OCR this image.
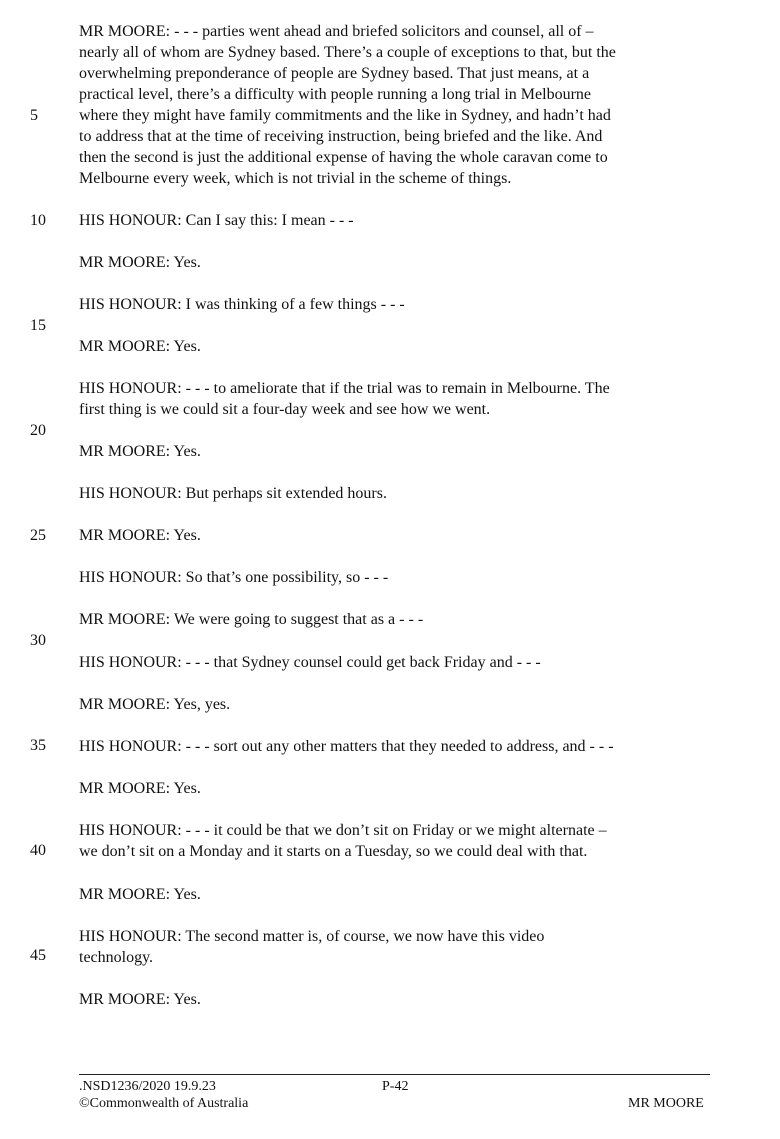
5
10
15
20
25
30
35
40
45
MR MOORE: - - - parties went ahead and briefed solicitors and counsel, all of –
nearly all of whom are Sydney based. There’s a couple of exceptions to that, but the
overwhelming preponderance of people are Sydney based. That just means, at a
practical level, there’s a difficulty with people running a long trial in Melbourne
where they might have family commitments and the like in Sydney, and hadn’t had
to address that at the time of receiving instruction, being briefed and the like. And
then the second is just the additional expense of having the whole caravan come to
Melbourne every week, which is not trivial in the scheme of things.
HIS HONOUR: Can I say this: I mean - - -
MR MOORE: Yes.
HIS HONOUR: I was thinking of a few things - - -
MR MOORE: Yes.
HIS HONOUR: - - - to ameliorate that if the trial was to remain in Melbourne. The
first thing is we could sit a four-day week and see how we went.
MR MOORE: Yes.
HIS HONOUR: But perhaps sit extended hours.
MR MOORE: Yes.
HIS HONOUR: So that’s one possibility, so - - -
MR MOORE: We were going to suggest that as a - - -
HIS HONOUR: - - - that Sydney counsel could get back Friday and - - -
MR MOORE: Yes, yes.
HIS HONOUR: - - - sort out any other matters that they needed to address, and - - -
MR MOORE: Yes.
HIS HONOUR: - - - it could be that we don’t sit on Friday or we might alternate –
we don’t sit on a Monday and it starts on a Tuesday, so we could deal with that.
MR MOORE: Yes.
HIS HONOUR: The second matter is, of course, we now have this video
technology.
MR MOORE: Yes.
.NSD1236/2020 19.9.23	P-42
©Commonwealth of Australia	MR MOORE
